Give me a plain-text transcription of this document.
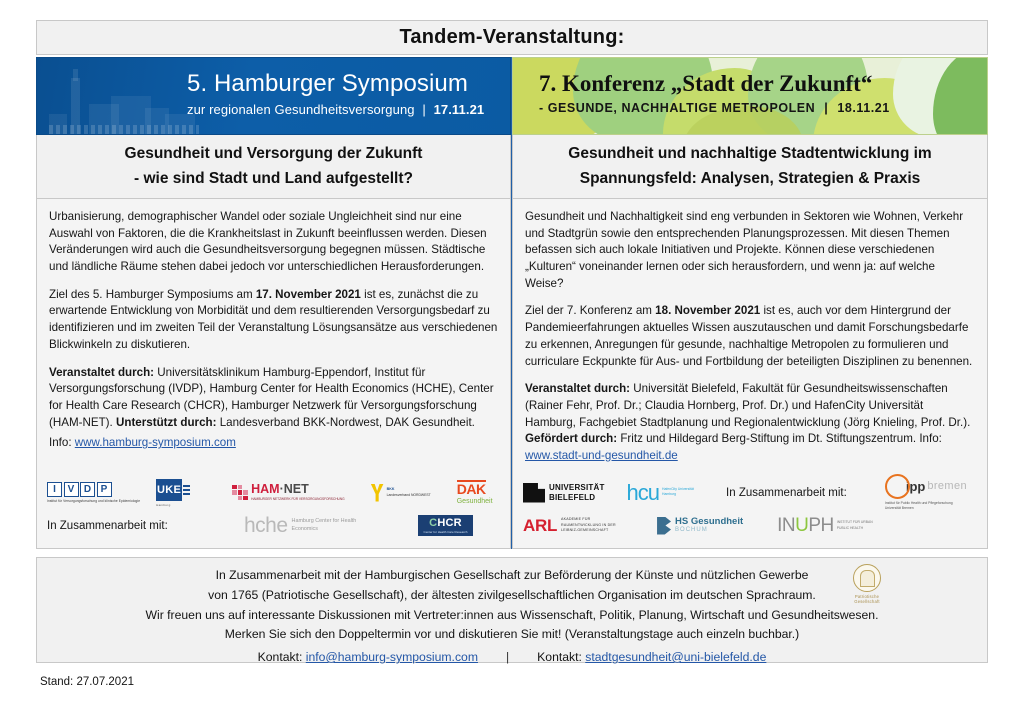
Tandem-Veranstaltung:
5. Hamburger Symposium
zur regionalen Gesundheitsversorgung | 17.11.21
Gesundheit und Versorgung der Zukunft
- wie sind Stadt und Land aufgestellt?

Urbanisierung, demographischer Wandel oder soziale Ungleichheit sind nur eine Auswahl von Faktoren, die die Krankheitslast in Zukunft beeinflussen werden. Diesen Veränderungen wird auch die Gesundheitsversorgung begegnen müssen. Städtische und ländliche Räume stehen dabei jedoch vor unterschiedlichen Herausforderungen.

Ziel des 5. Hamburger Symposiums am 17. November 2021 ist es, zunächst die zu erwartende Entwicklung von Morbidität und dem resultierenden Versorgungsbedarf zu identifizieren und im zweiten Teil der Veranstaltung Lösungsansätze aus verschiedenen Blickwinkeln zu diskutieren.

Veranstaltet durch: Universitätsklinikum Hamburg-Eppendorf, Institut für Versorgungsforschung (IVDP), Hamburg Center for Health Economics (HCHE), Center for Health Care Research (CHCR), Hamburger Netzwerk für Versorgungsforschung (HAM-NET). Unterstützt durch: Landesverband BKK-Nordwest, DAK Gesundheit.

Info: www.hamburg-symposium.com

I	V D P
Institut für Versorgungsforschung und klinische Epidemiologie
UKE
Hamburg
HAM·NET
HAMBURGER NETZWERK FÜR VERSORGUNGSFORSCHUNG
BKK
Landesverband NORDWEST DAK
Gesundheit
In Zusammenarbeit mit:	hche Hamburg Center for Health Economics	CHCR
Center for Health Care Research
7. Konferenz „Stadt der Zukunft“
- GESUNDE, NACHHALTIGE METROPOLEN | 18.11.21
Gesundheit und nachhaltige Stadtentwicklung im
Spannungsfeld: Analysen, Strategien & Praxis

Gesundheit und Nachhaltigkeit sind eng verbunden in Sektoren wie Wohnen, Verkehr und Stadtgrün sowie den entsprechenden Planungsprozessen. Mit diesen Themen befassen sich auch lokale Initiativen und Projekte. Können diese verschiedenen „Kulturen“ voneinander lernen oder sich herausfordern, und wenn ja: auf welche Weise?

Ziel der 7. Konferenz am 18. November 2021 ist es, auch vor dem Hintergrund der Pandemieerfahrungen aktuelles Wissen auszutauschen und damit Forschungsbedarfe zu erkennen, Anregungen für gesunde, nachhaltige Metropolen zu formulieren und curriculare Eckpunkte für Aus- und Fortbildung der beteiligten Disziplinen zu benennen.

Veranstaltet durch: Universität Bielefeld, Fakultät für Gesundheitswissenschaften (Rainer Fehr, Prof. Dr.; Claudia Hornberg, Prof. Dr.) und HafenCity Universität Hamburg, Fachgebiet Stadtplanung und Regionalentwicklung (Jörg Knieling, Prof. Dr.). Gefördert durch: Fritz und Hildegard Berg-Stiftung im Dt. Stiftungszentrum. Info: www.stadt-und-gesundheit.de

UNIVERSITÄT
BIELEFELD	hcu HafenCity Universität Hamburg	In Zusammenarbeit mit:	ipp bremen
Institut für Public Health und Pflegeforschung Universität Bremen
ARL AKADEMIE FÜR RAUMENTWICKLUNG IN DER LEIBNIZ-GEMEINSCHAFT
HS Gesundheit
BOCHUM	INUPH INSTITUT FÜR URBAN PUBLIC HEALTH
Patriotische Gesellschaft
In Zusammenarbeit mit der Hamburgischen Gesellschaft zur Beförderung der Künste und nützlichen Gewerbe
von 1765 (Patriotische Gesellschaft), der ältesten zivilgesellschaftlichen Organisation im deutschen Sprachraum.
Wir freuen uns auf interessante Diskussionen mit Vertreter:innen aus Wissenschaft, Politik, Planung, Wirtschaft und Gesundheitswesen.
Merken Sie sich den Doppeltermin vor und diskutieren Sie mit! (Veranstaltungstage auch einzeln buchbar.)
Kontakt: info@hamburg-symposium.com | Kontakt: stadtgesundheit@uni-bielefeld.de
Stand: 27.07.2021
